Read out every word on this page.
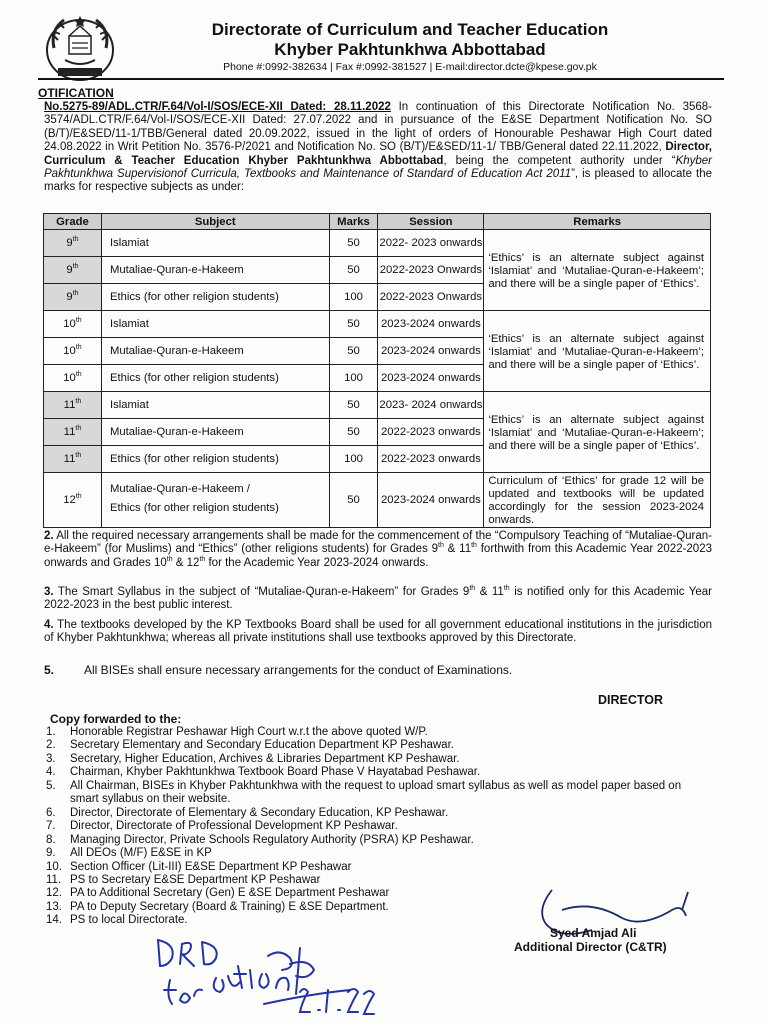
Directorate of Curriculum and Teacher Education
Khyber Pakhtunkhwa Abbottabad
Phone #:0992-382634 | Fax #:0992-381527 | E-mail:director.dcte@kpese.gov.pk
OTIFICATION

No.5275-89/ADL.CTR/F.64/Vol-I/SOS/ECE-XII Dated: 28.11.2022 In continuation of this Directorate Notification No. 3568-3574/ADL.CTR/F.64/Vol-I/SOS/ECE-XII Dated: 27.07.2022 and in pursuance of the E&SE Department Notification No. SO (B/T)/E&SED/11-1/TBB/General dated 20.09.2022, issued in the light of orders of Honourable Peshawar High Court dated 24.08.2022 in Writ Petition No. 3576-P/2021 and Notification No. SO (B/T)/E&SED/11-1/ TBB/General dated 22.11.2022, Director, Curriculum & Teacher Education Khyber Pakhtunkhwa Abbottabad, being the competent authority under “Khyber Pakhtunkhwa Supervisionof Curricula, Textbooks and Maintenance of Standard of Education Act 2011”, is pleased to allocate the marks for respective subjects as under:

Grade	Subject	Marks	Session	Remarks
9th	Islamiat	50	2022- 2023 onwards	‘Ethics’ is an alternate subject against ‘Islamiat’ and ‘Mutaliae-Quran-e-Hakeem’; and there will be a single paper of ‘Ethics’.
9th	Mutaliae-Quran-e-Hakeem	50	2022-2023 Onwards	
9th	Ethics (for other religion students)	100	2022-2023 Onwards	
10th	Islamiat	50	2023-2024 onwards	‘Ethics’ is an alternate subject against ‘Islamiat’ and ‘Mutaliae-Quran-e-Hakeem’; and there will be a single paper of ‘Ethics’.
10th	Mutaliae-Quran-e-Hakeem	50	2023-2024 onwards	
10th	Ethics (for other religion students)	100	2023-2024 onwards	
11th	Islamiat	50	2023- 2024 onwards	‘Ethics’ is an alternate subject against ‘Islamiat’ and ‘Mutaliae-Quran-e-Hakeem’; and there will be a single paper of ‘Ethics’.
11th	Mutaliae-Quran-e-Hakeem	50	2022-2023 onwards	
11th	Ethics (for other religion students)	100	2022-2023 onwards	
12th	Mutaliae-Quran-e-Hakeem /
Ethics (for other religion students)	50	2023-2024 onwards	Curriculum of ‘Ethics’ for grade 12 will be updated and textbooks will be updated accordingly for the session 2023-2024 onwards.

2. All the required necessary arrangements shall be made for the commencement of the “Compulsory Teaching of “Mutaliae-Quran-e-Hakeem” (for Muslims) and “Ethics” (other religions students) for Grades 9th & 11th forthwith from this Academic Year 2022-2023 onwards and Grades 10th & 12th for the Academic Year 2023-2024 onwards.

3. The Smart Syllabus in the subject of “Mutaliae-Quran-e-Hakeem” for Grades 9th & 11th is notified only for this Academic Year 2022-2023 in the best public interest.

4. The textbooks developed by the KP Textbooks Board shall be used for all government educational institutions in the jurisdiction of Khyber Pakhtunkhwa; whereas all private institutions shall use textbooks approved by this Directorate.

5.	All BISEs shall ensure necessary arrangements for the conduct of Examinations.

DIRECTOR
Copy forwarded to the:
1. Honorable Registrar Peshawar High Court w.r.t the above quoted W/P.
2. Secretary Elementary and Secondary Education Department KP Peshawar.
3. Secretary, Higher Education, Archives & Libraries Department KP Peshawar.
4. Chairman, Khyber Pakhtunkhwa Textbook Board Phase V Hayatabad Peshawar.
5. All Chairman, BISEs in Khyber Pakhtunkhwa with the request to upload smart syllabus as well as model paper based on smart syllabus on their website.
6. Director, Directorate of Elementary & Secondary Education, KP Peshawar.
7. Director, Directorate of Professional Development KP Peshawar.
8. Managing Director, Private Schools Regulatory Authority (PSRA) KP Peshawar.
9. All DEOs (M/F) E&SE in KP
10. Section Officer (Lit-III) E&SE Department KP Peshawar
11. PS to Secretary E&SE Department KP Peshawar
12. PA to Additional Secretary (Gen) E &SE Department Peshawar
13. PA to Deputy Secretary (Board & Training) E &SE Department.
14. PS to local Directorate.
Syed Amjad Ali
Additional Director (C&TR)
